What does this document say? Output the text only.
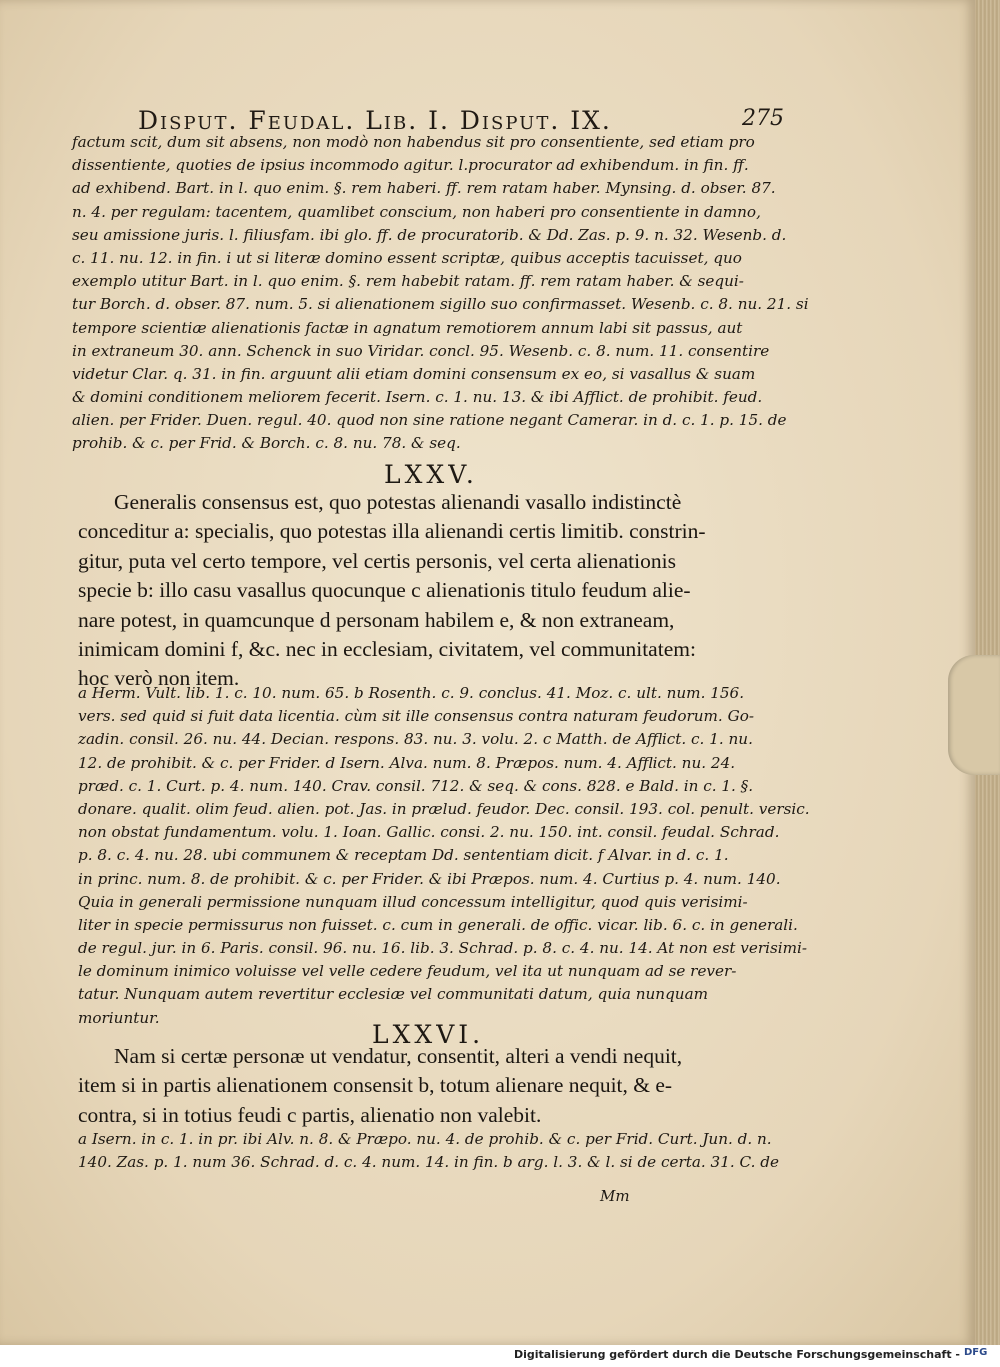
Disput. Feudal. Lib. I. Disput. IX.	275
factum scit, dum sit absens, non modò non habendus sit pro consentiente, sed etiam pro
dissentiente, quoties de ipsius incommodo agitur. l.procurator ad exhibendum. in fin. ff.
ad exhibend. Bart. in l. quo enim. §. rem haberi. ff. rem ratam haber. Mynsing. d. obser. 87.
n. 4. per regulam: tacentem, quamlibet conscium, non haberi pro consentiente in damno,
seu amissione juris. l. filiusfam. ibi glo. ff. de procuratorib. & Dd. Zas. p. 9. n. 32. Wesenb. d.
c. 11. nu. 12. in fin. i ut si literæ domino essent scriptæ, quibus acceptis tacuisset, quo
exemplo utitur Bart. in l. quo enim. §. rem habebit ratam. ff. rem ratam haber. & sequi-
tur Borch. d. obser. 87. num. 5. si alienationem sigillo suo confirmasset. Wesenb. c. 8. nu. 21. si
tempore scientiæ alienationis factæ in agnatum remotiorem annum labi sit passus, aut
in extraneum 30. ann. Schenck in suo Viridar. concl. 95. Wesenb. c. 8. num. 11. consentire
videtur Clar. q. 31. in fin. arguunt alii etiam domini consensum ex eo, si vasallus & suam
& domini conditionem meliorem fecerit. Isern. c. 1. nu. 13. & ibi Afflict. de prohibit. feud.
alien. per Frider. Duen. regul. 40. quod non sine ratione negant Camerar. in d. c. 1. p. 15. de
prohib. & c. per Frid. & Borch. c. 8. nu. 78. & seq.
LXXV.
Generalis consensus est, quo potestas alienandi vasallo indistinctè
conceditur a: specialis, quo potestas illa alienandi certis limitib. constrin-
gitur, puta vel certo tempore, vel certis personis, vel certa alienationis
specie b: illo casu vasallus quocunque c alienationis titulo feudum alie-
nare potest, in quamcunque d personam habilem e, & non extraneam,
inimicam domini f, &c. nec in ecclesiam, civitatem, vel communitatem:
hoc verò non item.
a Herm. Vult. lib. 1. c. 10. num. 65. b Rosenth. c. 9. conclus. 41. Moz. c. ult. num. 156.
vers. sed quid si fuit data licentia. cùm sit ille consensus contra naturam feudorum. Go-
zadin. consil. 26. nu. 44. Decian. respons. 83. nu. 3. volu. 2. c Matth. de Afflict. c. 1. nu.
12. de prohibit. & c. per Frider. d Isern. Alva. num. 8. Præpos. num. 4. Afflict. nu. 24.
præd. c. 1. Curt. p. 4. num. 140. Crav. consil. 712. & seq. & cons. 828. e Bald. in c. 1. §.
donare. qualit. olim feud. alien. pot. Jas. in prælud. feudor. Dec. consil. 193. col. penult. versic.
non obstat fundamentum. volu. 1. Ioan. Gallic. consi. 2. nu. 150. int. consil. feudal. Schrad.
p. 8. c. 4. nu. 28. ubi communem & receptam Dd. sententiam dicit. f Alvar. in d. c. 1.
in princ. num. 8. de prohibit. & c. per Frider. & ibi Præpos. num. 4. Curtius p. 4. num. 140.
Quia in generali permissione nunquam illud concessum intelligitur, quod quis verisimi-
liter in specie permissurus non fuisset. c. cum in generali. de offic. vicar. lib. 6. c. in generali.
de regul. jur. in 6. Paris. consil. 96. nu. 16. lib. 3. Schrad. p. 8. c. 4. nu. 14. At non est verisimi-
le dominum inimico voluisse vel velle cedere feudum, vel ita ut nunquam ad se rever-
tatur. Nunquam autem revertitur ecclesiæ vel communitati datum, quia nunquam
moriuntur.
LXXVI.
Nam si certæ personæ ut vendatur, consentit, alteri a vendi nequit,
item si in partis alienationem consensit b, totum alienare nequit, & e-
contra, si in totius feudi c partis, alienatio non valebit.
a Isern. in c. 1. in pr. ibi Alv. n. 8. & Præpo. nu. 4. de prohib. & c. per Frid. Curt. Jun. d. n.
140. Zas. p. 1. num 36. Schrad. d. c. 4. num. 14. in fin. b arg. l. 3. & l. si de certa. 31. C. de
Mm
Digitalisierung gefördert durch die Deutsche Forschungsgemeinschaft - DFG
